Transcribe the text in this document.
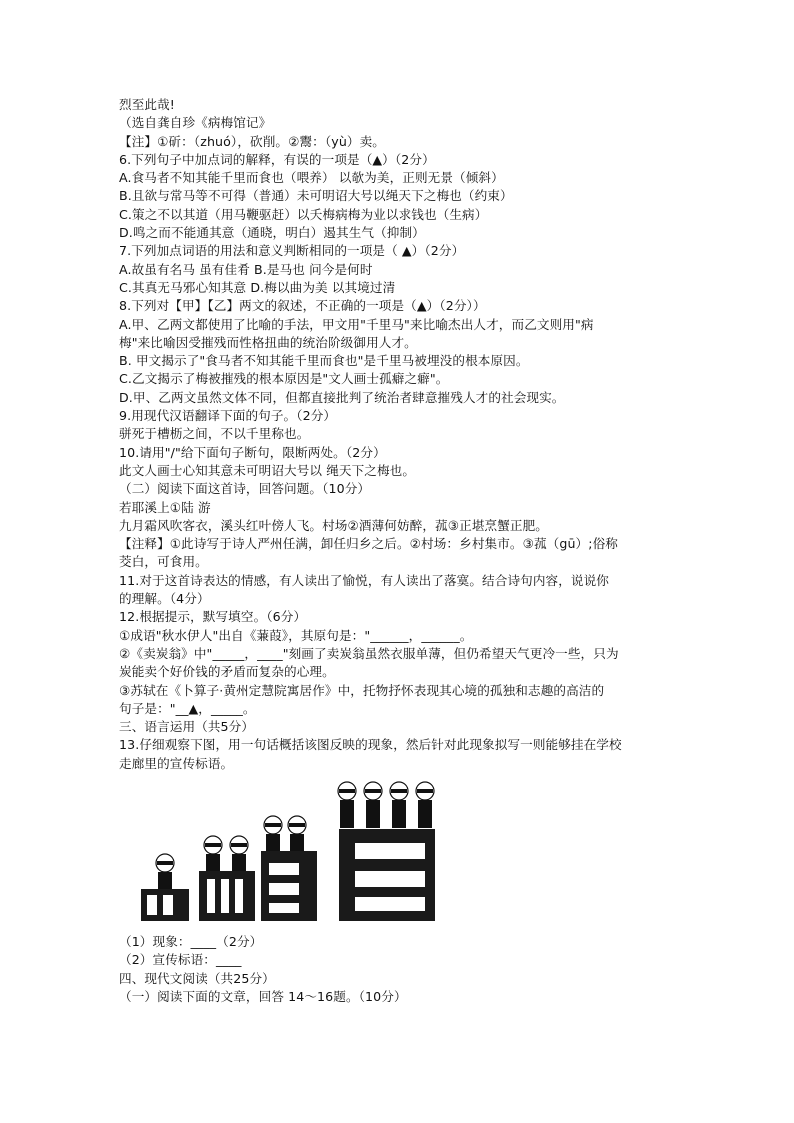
烈至此哉!
（选自龚自珍《病梅馆记》
【注】①斫：（zhuó），砍削。②鬻：（yù）卖。
6.下列句子中加点词的解释，有误的一项是（▲）（2分）
A.食马者不知其能千里而食也（喂养） 以欹为美，正则无景（倾斜）
B.且欲与常马等不可得（普通）未可明诏大号以绳天下之梅也（约束）
C.策之不以其道（用马鞭驱赶）以夭梅病梅为业以求钱也（生病）
D.鸣之而不能通其意（通晓，明白）遏其生气（抑制）
7.下列加点词语的用法和意义判断相同的一项是（ ▲）（2分）
A.故虽有名马 虽有佳肴 B.是马也 问今是何时
C.其真无马邪心知其意 D.梅以曲为美 以其境过清
8.下列对【甲】【乙】两文的叙述，不正确的一项是（▲）（2分））
A.甲、乙两文都使用了比喻的手法，甲文用"千里马"来比喻杰出人才，而乙文则用"病
梅"来比喻因受摧残而性格扭曲的统治阶级御用人才。
B. 甲文揭示了"食马者不知其能千里而食也"是千里马被埋没的根本原因。
C.乙文揭示了梅被摧残的根本原因是"文人画士孤癖之癖"。
D.甲、乙两文虽然文体不同，但都直接批判了统治者肆意摧残人才的社会现实。
9.用现代汉语翻译下面的句子。（2分）
骈死于槽枥之间，不以千里称也。
10.请用"/"给下面句子断句，限断两处。（2分）
此文人画士心知其意未可明诏大号以 绳天下之梅也。
（二）阅读下面这首诗，回答问题。（10分）
若耶溪上①陆 游
九月霜风吹客衣，溪头红叶傍人飞。村场②酒薄何妨醉，菰③正堪烹蟹正肥。
【注释】①此诗写于诗人严州任满，卸任归乡之后。②村场：乡村集市。③菰（gū）;俗称
茭白，可食用。
11.对于这首诗表达的情感，有人读出了愉悦，有人读出了落寞。结合诗句内容，说说你
的理解。（4分）
12.根据提示，默写填空。（6分）
①成语"秋水伊人"出自《蒹葭》，其原句是："______，______。
②《卖炭翁》中"_____，____"刻画了卖炭翁虽然衣服单薄，但仍希望天气更冷一些，只为
炭能卖个好价钱的矛盾而复杂的心理。
③苏轼在《卜算子·黄州定慧院寓居作》中，托物抒怀表现其心境的孤独和志趣的高洁的
句子是："__▲，_____。
三、语言运用（共5分）
13.仔细观察下图，用一句话概括该图反映的现象，然后针对此现象拟写一则能够挂在学校
走廊里的宣传标语。
（1）现象：____（2分）
（2）宣传标语：____
四、现代文阅读（共25分）
（一）阅读下面的文章，回答 14～16题。（10分）
